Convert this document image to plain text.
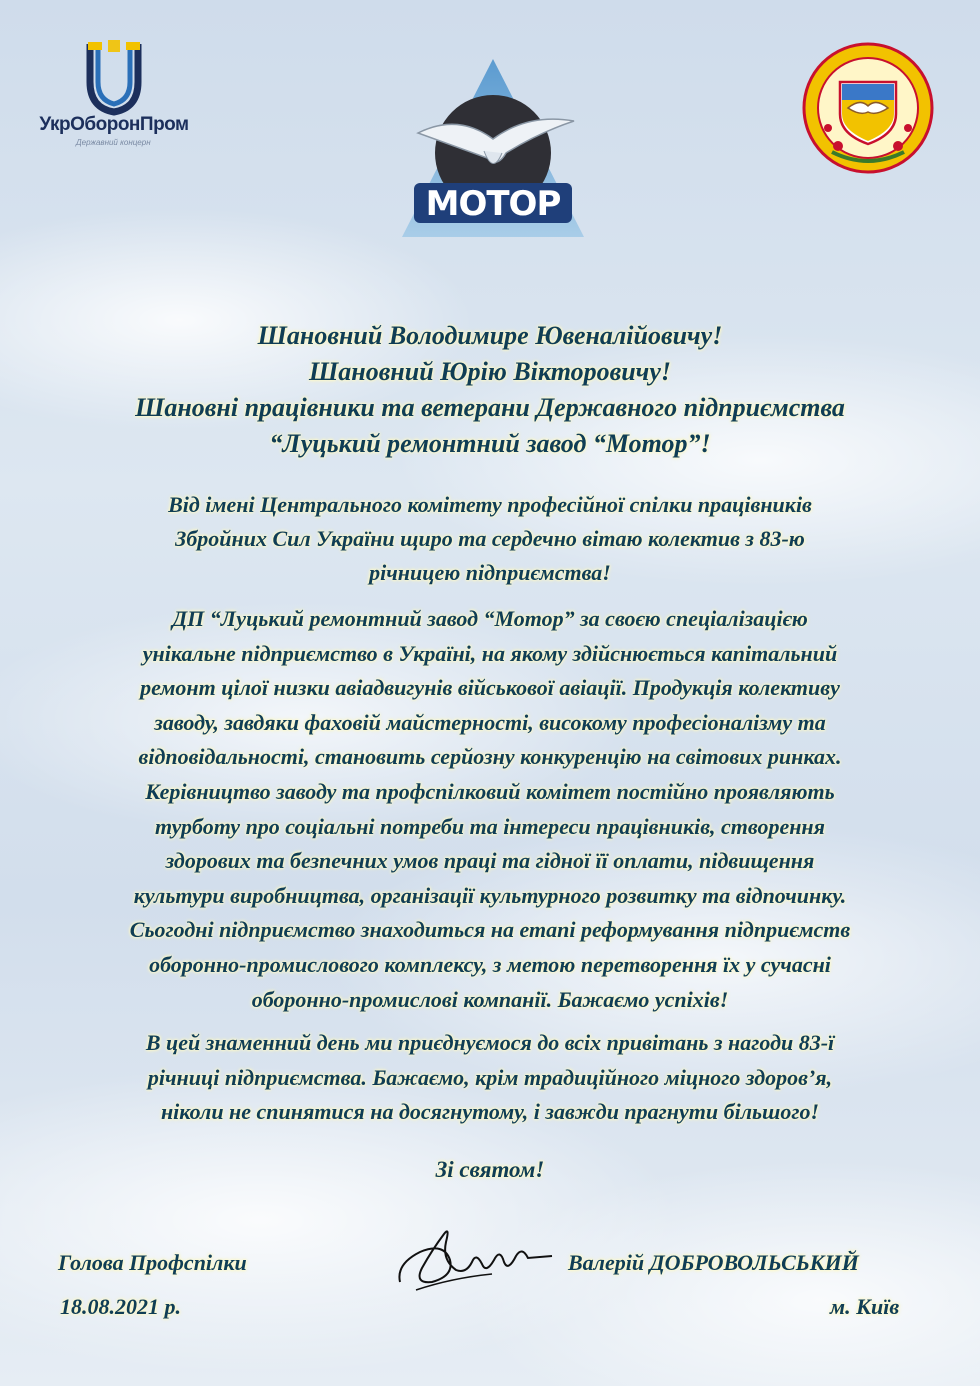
УкрОборонПром
Державний концерн
МОТОР
Шановний Володимире Ювеналійовичу!
Шановний Юрію Вікторовичу!
Шановні працівники та ветерани Державного підприємства
“Луцький ремонтний завод “Мотор”!
Від імені Центрального комітету професійної спілки працівників
Збройних Сил України щиро та сердечно вітаю колектив з 83-ю
річницею підприємства!
ДП “Луцький ремонтний завод “Мотор” за своєю спеціалізацією
унікальне підприємство в Україні, на якому здійснюється капітальний
ремонт цілої низки авіадвигунів військової авіації. Продукція колективу
заводу, завдяки фаховій майстерності, високому професіоналізму та
відповідальності, становить серйозну конкуренцію на світових ринках.
Керівництво заводу та профспілковий комітет постійно проявляють
турботу про соціальні потреби та інтереси працівників, створення
здорових та безпечних умов праці та гідної її оплати, підвищення
культури виробництва, організації культурного розвитку та відпочинку.
Сьогодні підприємство знаходиться на етапі реформування підприємств
оборонно-промислового комплексу, з метою перетворення їх у сучасні
оборонно-промислові компанії. Бажаємо успіхів!
В цей знаменний день ми приєднуємося до всіх привітань з нагоди 83-ї
річниці підприємства. Бажаємо, крім традиційного міцного здоров’я,
ніколи не спинятися на досягнутому, і завжди прагнути більшого!
Зі святом!
Голова Профспілки	Валерій ДОБРОВОЛЬСЬКИЙ
18.08.2021 р.	м. Київ
